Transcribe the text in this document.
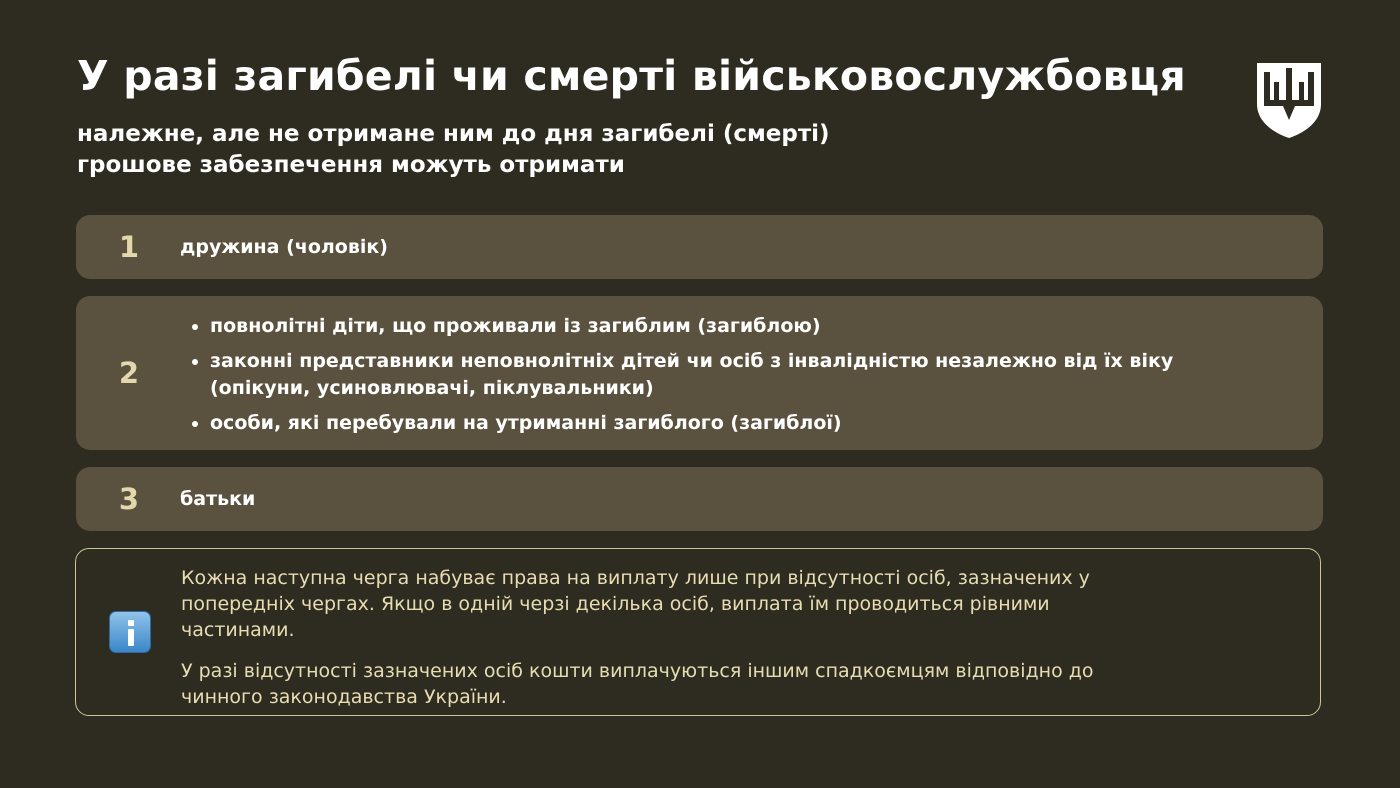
У разі загибелі чи смерті військовослужбовця
належне, але не отримане ним до дня загибелі (смерті)
грошове забезпечення можуть отримати
1	дружина (чоловік)
2
повнолітні діти, що проживали із загиблим (загиблою)
законні представники неповнолітніх дітей чи осіб з інвалідністю незалежно від їх віку
(опікуни, усиновлювачі, піклувальники)
особи, які перебували на утриманні загиблого (загиблої)
3	батьки

Кожна наступна черга набуває права на виплату лише при відсутності осіб, зазначених у
попередніх чергах. Якщо в одній черзі декілька осіб, виплата їм проводиться рівними
частинами.

У разі відсутності зазначених осіб кошти виплачуються іншим спадкоємцям відповідно до
чинного законодавства України.
